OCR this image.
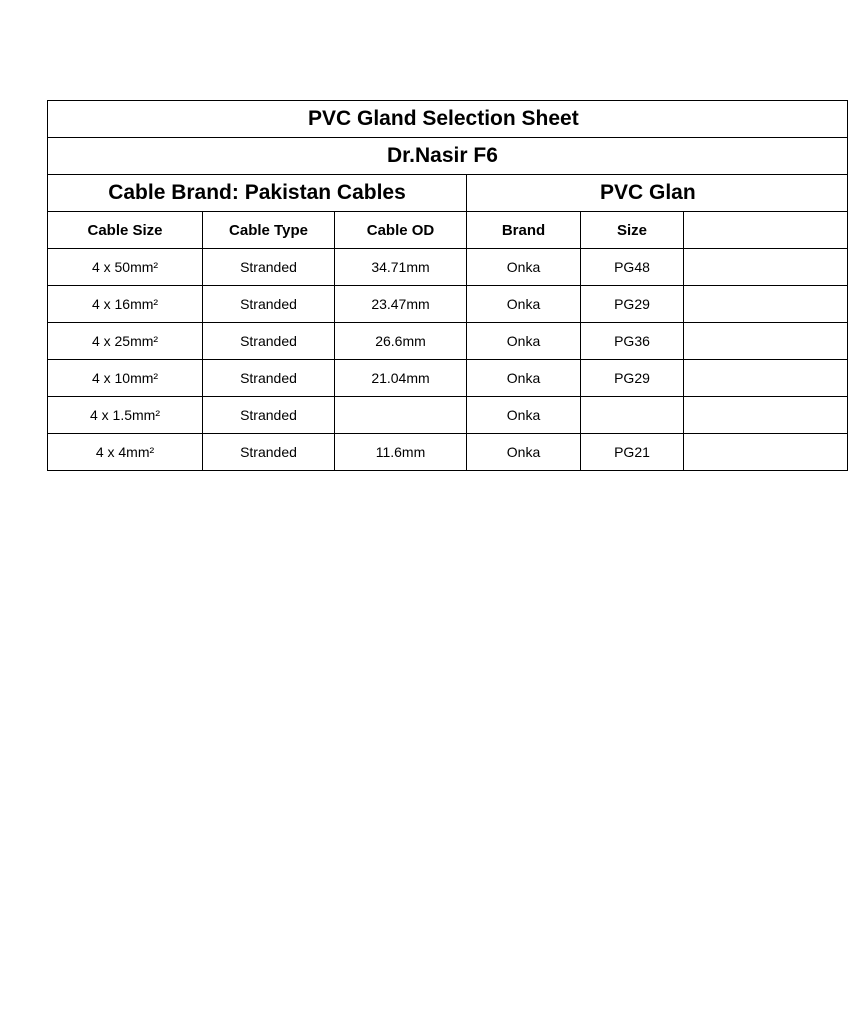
PVC Gland Selection Sheet					
Dr.Nasir F6					
Cable Brand: Pakistan Cables			PVC Glan		
Cable Size	Cable Type	Cable OD	Brand	Size	
4 x 50mm²	Stranded	34.71mm	Onka	PG48	
4 x 16mm²	Stranded	23.47mm	Onka	PG29	
4 x 25mm²	Stranded	26.6mm	Onka	PG36	
4 x 10mm²	Stranded	21.04mm	Onka	PG29	
4 x 1.5mm²	Stranded		Onka		
4 x 4mm²	Stranded	11.6mm	Onka	PG21	
